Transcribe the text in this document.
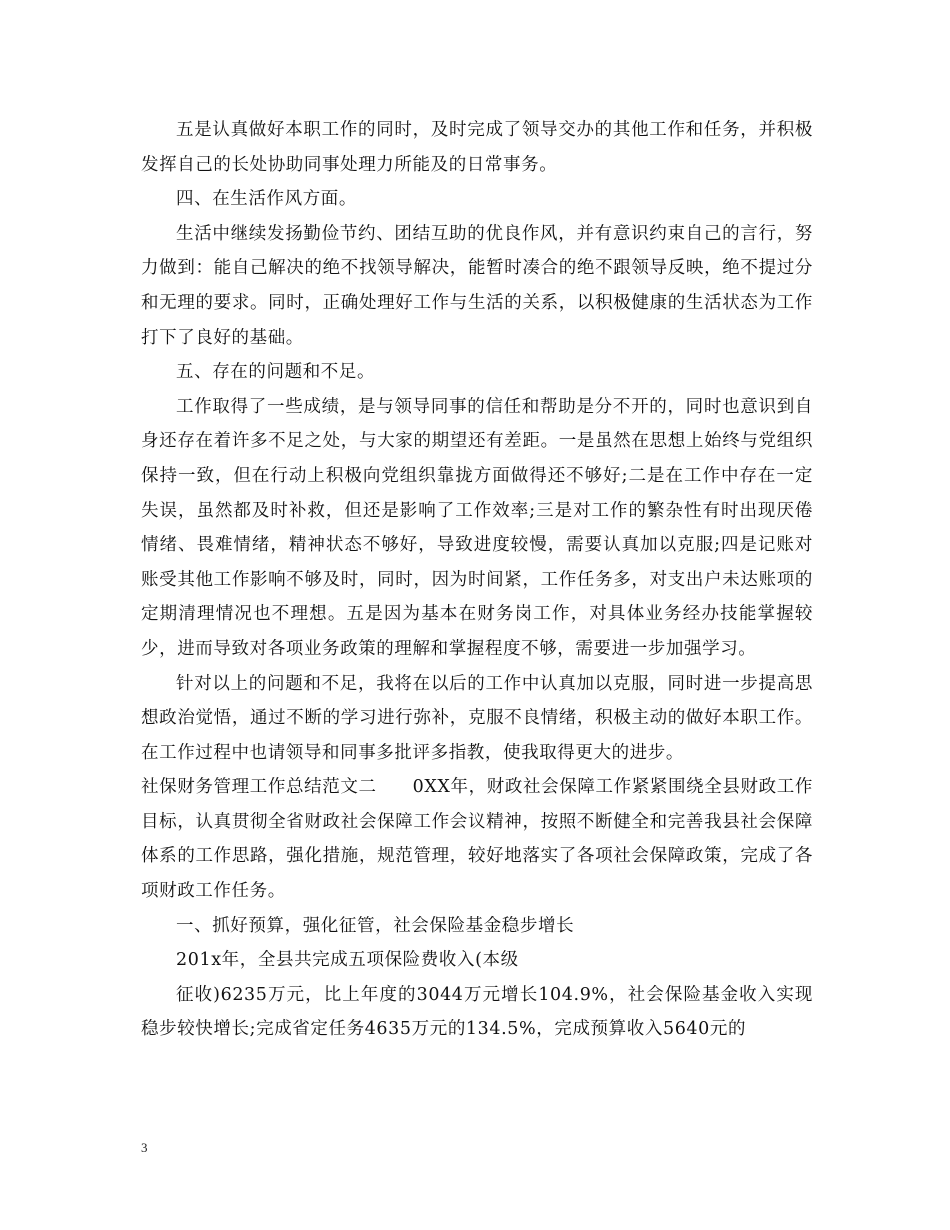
五是认真做好本职工作的同时，及时完成了领导交办的其他工作和任务，并积极发挥自己的长处协助同事处理力所能及的日常事务。

四、在生活作风方面。

生活中继续发扬勤俭节约、团结互助的优良作风，并有意识约束自己的言行，努力做到：能自己解决的绝不找领导解决，能暂时凑合的绝不跟领导反映，绝不提过分和无理的要求。同时，正确处理好工作与生活的关系，以积极健康的生活状态为工作打下了良好的基础。

五、存在的问题和不足。

工作取得了一些成绩，是与领导同事的信任和帮助是分不开的，同时也意识到自身还存在着许多不足之处，与大家的期望还有差距。一是虽然在思想上始终与党组织保持一致，但在行动上积极向党组织靠拢方面做得还不够好;二是在工作中存在一定失误，虽然都及时补救，但还是影响了工作效率;三是对工作的繁杂性有时出现厌倦情绪、畏难情绪，精神状态不够好，导致进度较慢，需要认真加以克服;四是记账对账受其他工作影响不够及时，同时，因为时间紧，工作任务多，对支出户未达账项的定期清理情况也不理想。五是因为基本在财务岗工作，对具体业务经办技能掌握较少，进而导致对各项业务政策的理解和掌握程度不够，需要进一步加强学习。

针对以上的问题和不足，我将在以后的工作中认真加以克服，同时进一步提高思想政治觉悟，通过不断的学习进行弥补，克服不良情绪，积极主动的做好本职工作。在工作过程中也请领导和同事多批评多指教，使我取得更大的进步。

社保财务管理工作总结范文二 0XX年，财政社会保障工作紧紧围绕全县财政工作目标，认真贯彻全省财政社会保障工作会议精神，按照不断健全和完善我县社会保障体系的工作思路，强化措施，规范管理，较好地落实了各项社会保障政策，完成了各项财政工作任务。

一、抓好预算，强化征管，社会保险基金稳步增长

201x年，全县共完成五项保险费收入(本级

征收)6235万元，比上年度的3044万元增长104.9%，社会保险基金收入实现稳步较快增长;完成省定任务4635万元的134.5%，完成预算收入5640元的

3
